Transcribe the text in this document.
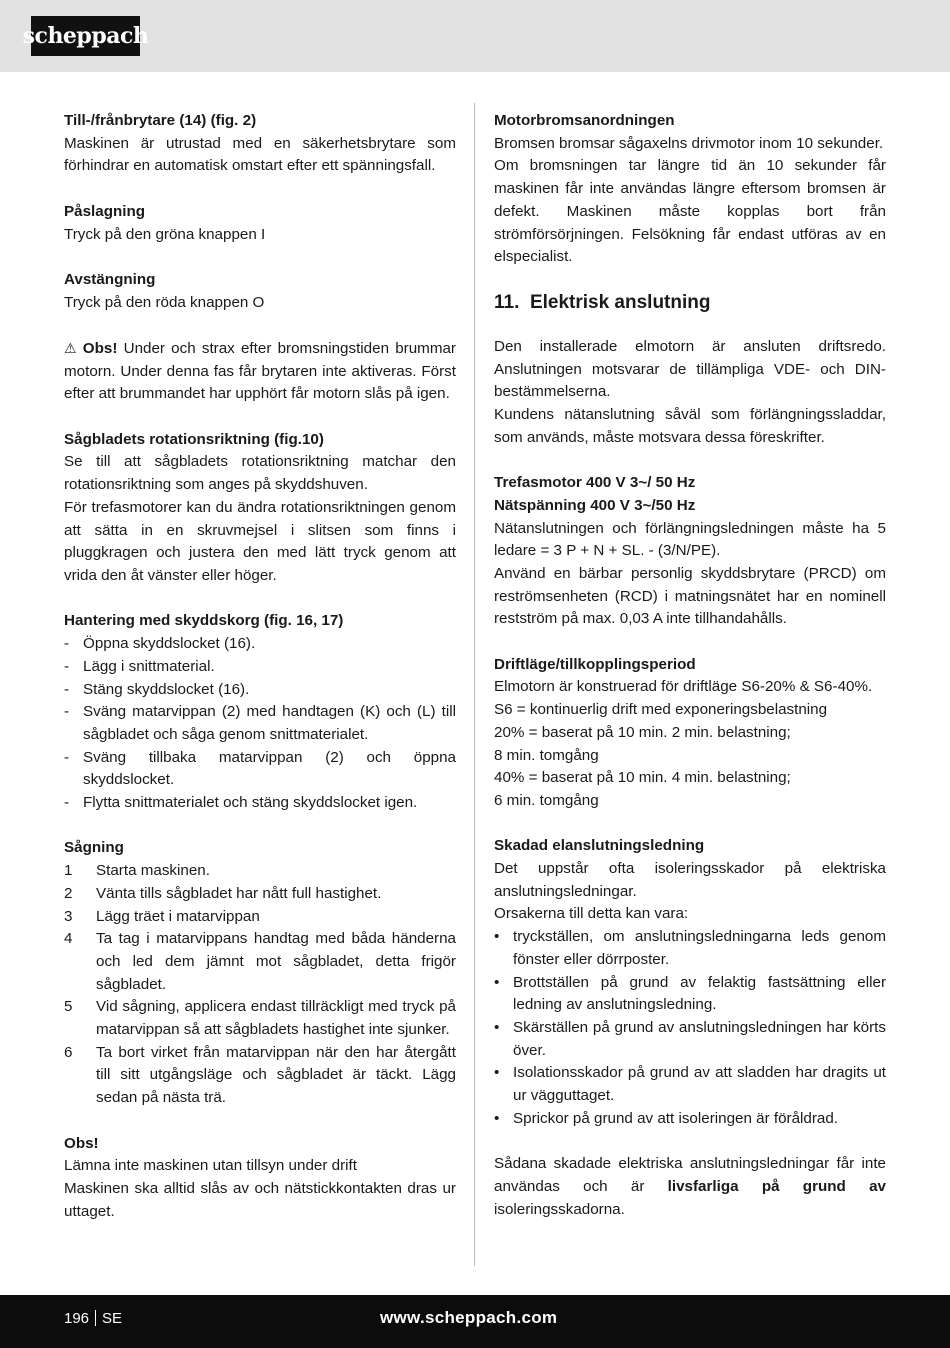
scheppach

Till-/frånbrytare (14) (fig. 2)

Maskinen är utrustad med en säkerhetsbrytare som förhindrar en automatisk omstart efter ett spänningsfall.

Påslagning

Tryck på den gröna knappen I

Avstängning

Tryck på den röda knappen O

⚠ Obs! Under och strax efter bromsningstiden brummar motorn. Under denna fas får brytaren inte aktiveras. Först efter att brummandet har upphört får motorn slås på igen.

Sågbladets rotationsriktning (fig.10)

Se till att sågbladets rotationsriktning matchar den rotationsriktning som anges på skyddshuven.

För trefasmotorer kan du ändra rotationsriktningen genom att sätta in en skruvmejsel i slitsen som finns i pluggkragen och justera den med lätt tryck genom att vrida den åt vänster eller höger.

Hantering med skyddskorg (fig. 16, 17)

- Öppna skyddslocket (16).
- Lägg i snittmaterial.
- Stäng skyddslocket (16).
- Sväng matarvippan (2) med handtagen (K) och (L) till sågbladet och såga genom snittmaterialet.
- Sväng tillbaka matarvippan (2) och öppna skyddslocket.
- Flytta snittmaterialet och stäng skyddslocket igen.

Sågning

1 Starta maskinen.
2 Vänta tills sågbladet har nått full hastighet.
3 Lägg träet i matarvippan
4 Ta tag i matarvippans handtag med båda händerna och led dem jämnt mot sågbladet, detta frigör sågbladet.
5 Vid sågning, applicera endast tillräckligt med tryck på matarvippan så att sågbladets hastighet inte sjunker.
6 Ta bort virket från matarvippan när den har återgått till sitt utgångsläge och sågbladet är täckt. Lägg sedan på nästa trä.

Obs!

Lämna inte maskinen utan tillsyn under drift

Maskinen ska alltid slås av och nätstickkontakten dras ur uttaget.

Motorbromsanordningen

Bromsen bromsar sågaxelns drivmotor inom 10 sekunder.

Om bromsningen tar längre tid än 10 sekunder får maskinen får inte användas längre eftersom bromsen är defekt. Maskinen måste kopplas bort från strömförsörjningen. Felsökning får endast utföras av en elspecialist.

11. Elektrisk anslutning

Den installerade elmotorn är ansluten driftsredo. Anslutningen motsvarar de tillämpliga VDE- och DIN-bestämmelserna.

Kundens nätanslutning såväl som förlängningssladdar, som används, måste motsvara dessa föreskrifter.

Trefasmotor 400 V 3~/ 50 Hz

Nätspänning 400 V 3~/50 Hz

Nätanslutningen och förlängningsledningen måste ha 5 ledare = 3 P + N + SL. - (3/N/PE).

Använd en bärbar personlig skyddsbrytare (PRCD) om reströmsenheten (RCD) i matningsnätet har en nominell restström på max. 0,03 A inte tillhandahålls.

Driftläge/tillkopplingsperiod

Elmotorn är konstruerad för driftläge S6-20% & S6-40%.

S6 = kontinuerlig drift med exponeringsbelastning

20% = baserat på 10 min. 2 min. belastning;

8 min. tomgång

40% = baserat på 10 min. 4 min. belastning;

6 min. tomgång

Skadad elanslutningsledning

Det uppstår ofta isoleringsskador på elektriska anslutningsledningar.

Orsakerna till detta kan vara:

• tryckställen, om anslutningsledningarna leds genom fönster eller dörrposter.
• Brottställen på grund av felaktig fastsättning eller ledning av anslutningsledning.
• Skärställen på grund av anslutningsledningen har körts över.
• Isolationsskador på grund av att sladden har dragits ut ur vägguttaget.
• Sprickor på grund av att isoleringen är föråldrad.

Sådana skadade elektriska anslutningsledningar får inte användas och är livsfarliga på grund av isoleringsskadorna.

196 SE	www.scheppach.com
